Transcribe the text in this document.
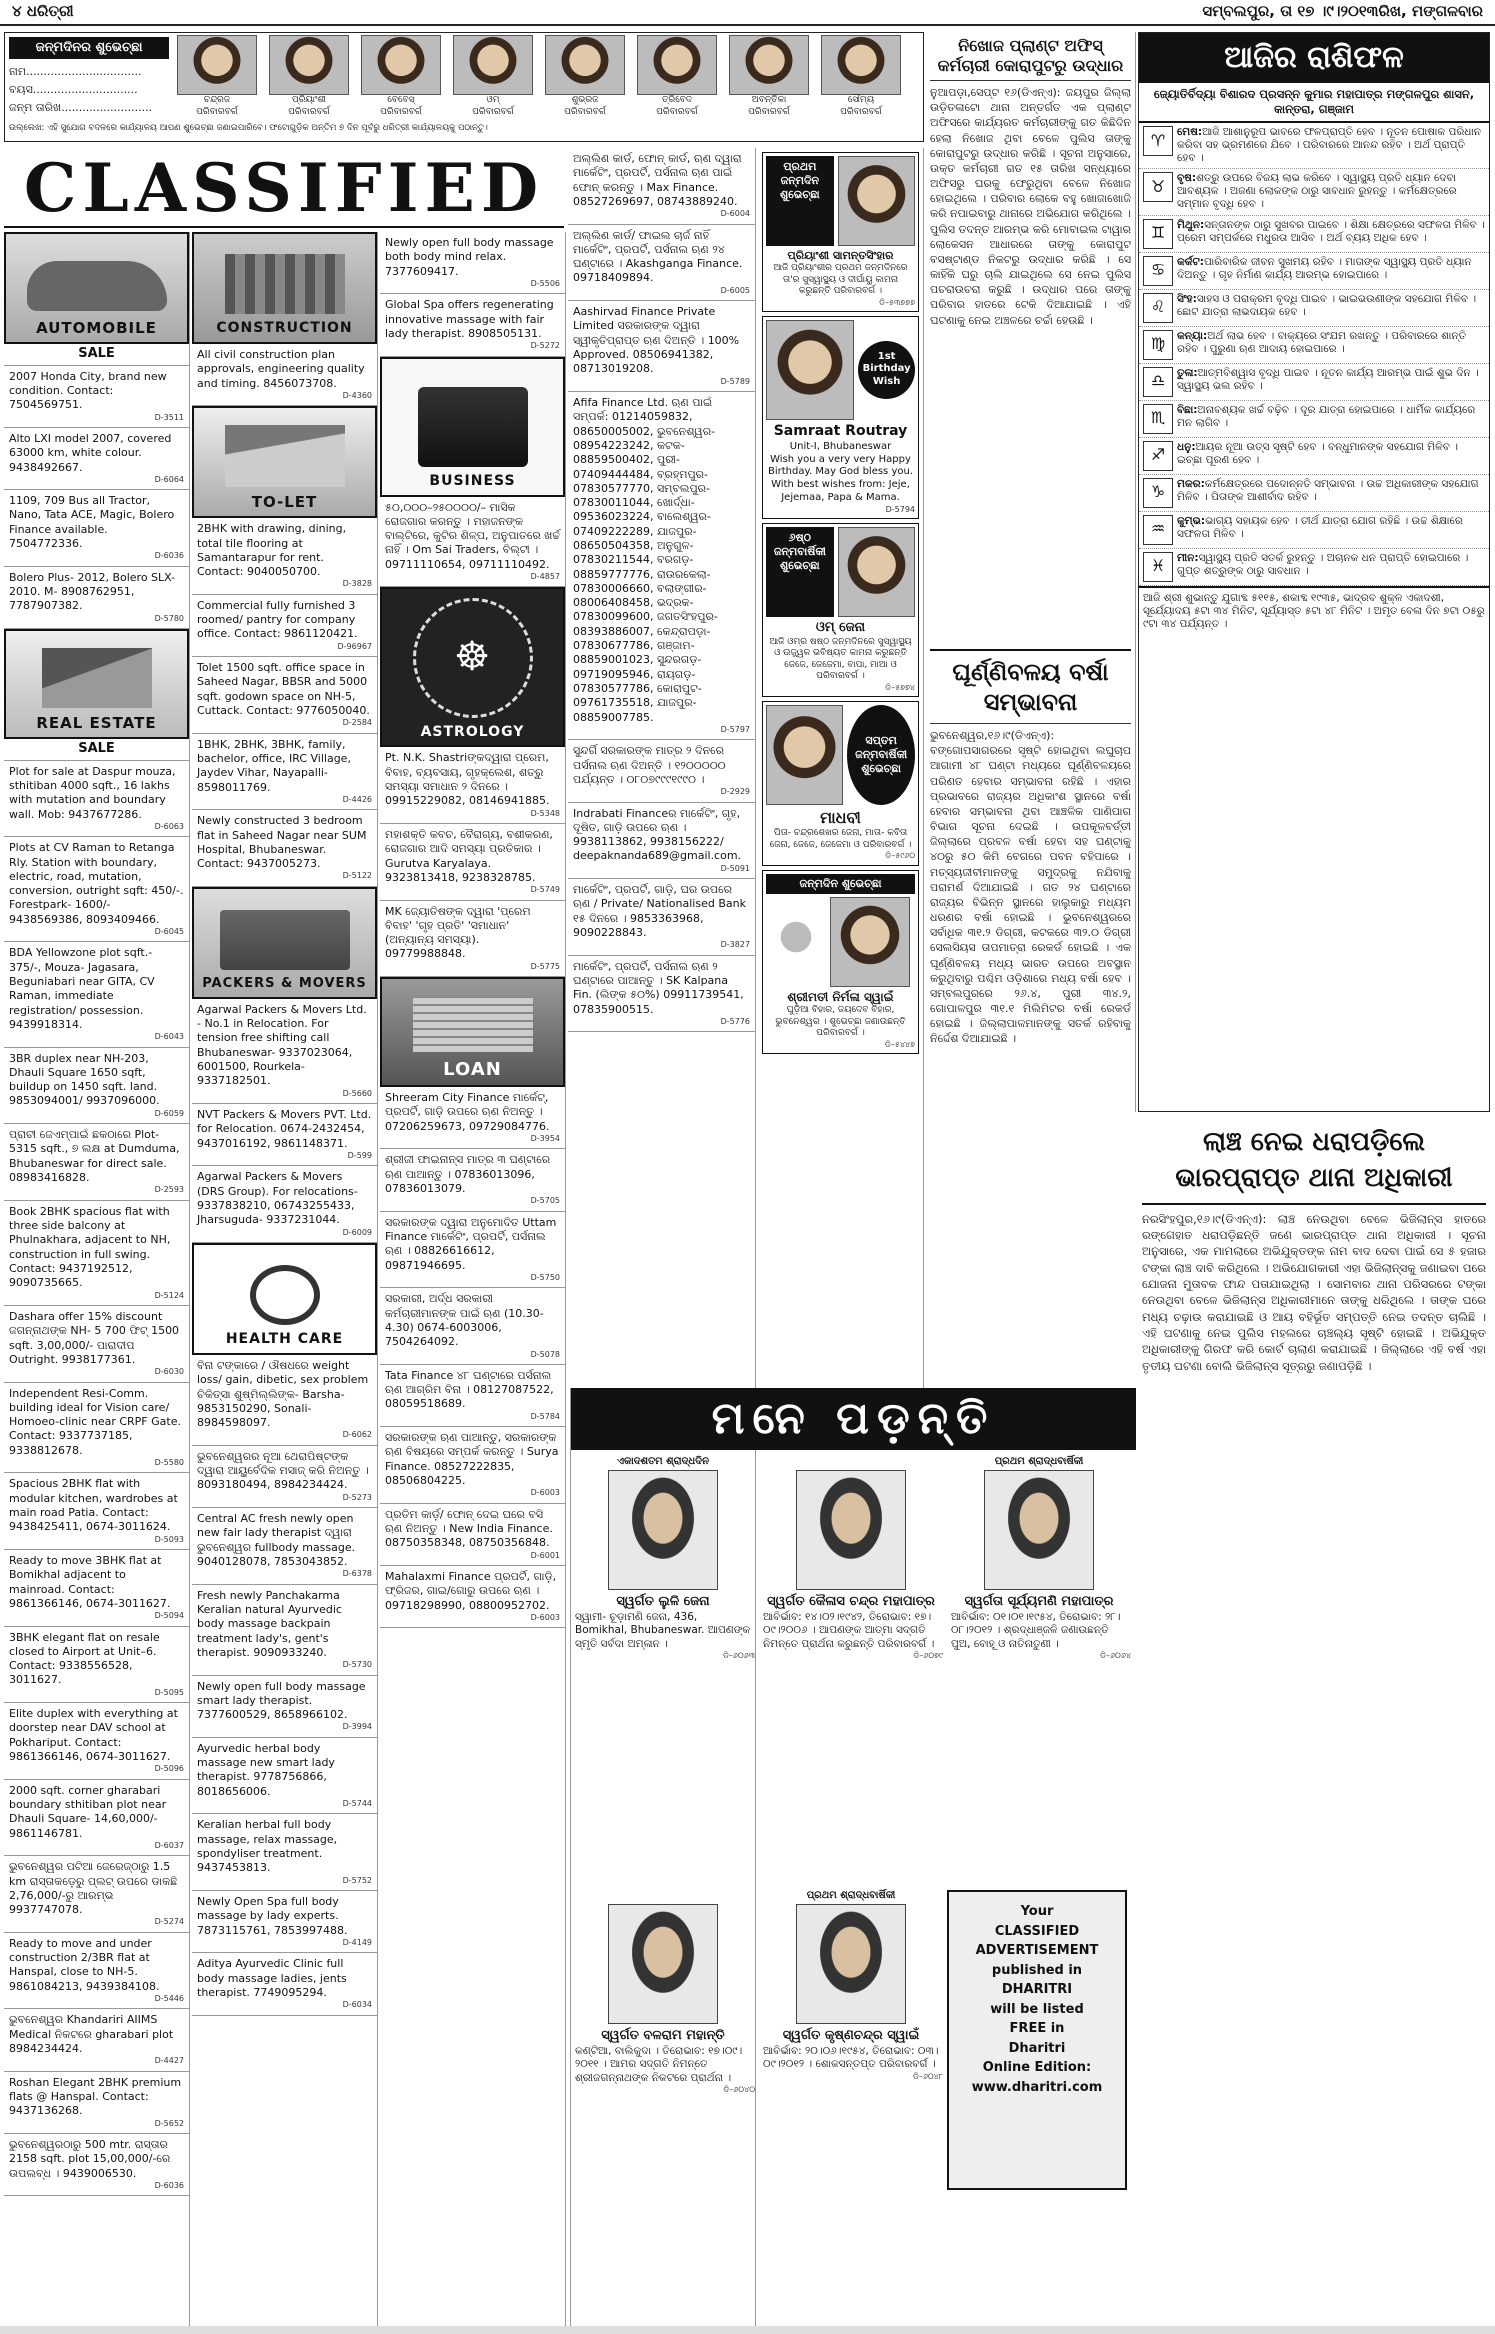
୪ ଧରିତ୍ରୀ	ସମ୍ବଲପୁର, ତା ୧୭ ।୯।୨୦୧୩ରିଖ, ମଙ୍ଗଳବାର
ଜନ୍ମଦିନର ଶୁଭେଚ୍ଛା
ନାମ.................................
ବୟସ..............................
ଜନ୍ମ ତାରିଖ..........................
ଚନ୍ଦ୍ରଜ
ପରିବାରବର୍ଗ
ପ୍ରିୟାଂଶୀ
ପରିବାରବର୍ଗ
ବେବେସ୍
ପରିବାରବର୍ଗ
ଓମ୍
ପରିବାରବର୍ଗ
ଶୁଭ୍ରଜ
ପରିବାରବର୍ଗ
ତ୍ରିବେଦ
ପରିବାରବର୍ଗ
ଅବନ୍ତିକା
ପରିବାରବର୍ଗ
ସୌମ୍ୟ
ପରିବାରବର୍ଗ
ଉଲ୍ଲେଖ: ଏହି ସୁଯୋଗ ବଦଳରେ କାର୍ଯ୍ୟାଳୟ ଆପଣ ଶୁଭେଚ୍ଛା ଜଣାଇପାରିବେ। ଫଟୋଗୁଡ଼ିକ ଅନ୍ତିମ ୭ ଦିନ ପୂର୍ବରୁ ଧରିତ୍ରୀ କାର୍ଯ୍ୟାଳୟକୁ ପଠାନ୍ତୁ।
CLASSIFIED
AUTOMOBILE
SALE
2007 Honda City, brand new condition. Contact: 7504569751.
D-3511
Alto LXI model 2007, covered 63000 km, white colour. 9438492667.
D-6064
1109, 709 Bus all Tractor, Nano, Tata ACE, Magic, Bolero Finance available. 7504772336.
D-6036
Bolero Plus- 2012, Bolero SLX- 2010. M- 8908762951, 7787907382.
D-5780
REAL ESTATE
SALE
Plot for sale at Daspur mouza, sthitiban 4000 sqft., 16 lakhs with mutation and boundary wall. Mob: 9437677286.
D-6063
Plots at CV Raman to Retanga Rly. Station with boundary, electric, road, mutation, conversion, outright sqft: 450/-. Forestpark- 1600/- 9438569386, 8093409466.
D-6045
BDA Yellowzone plot sqft.- 375/-, Mouza- Jagasara, Beguniabari near GITA, CV Raman, immediate registration/ possession. 9439918314.
D-6043
3BR duplex near NH-203, Dhauli Square 1650 sqft, buildup on 1450 sqft. land. 9853094001/ 9937096000.
D-6059
ପ୍ରାଚୀ ଜେଏମ୍ପାଇଁ ଛକଠାରେ Plot- 5315 sqft., ୭ ଲକ୍ଷ at Dumduma, Bhubaneswar for direct sale. 08983416828.
D-2593
Book 2BHK spacious flat with three side balcony at Phulnakhara, adjacent to NH, construction in full swing. Contact: 9437192512, 9090735665.
D-5124
Dashara offer 15% discount ଜଗନ୍ନାଥଙ୍କ NH- 5 700 ଫିଟ୍ 1500 sqft. 3,00,000/- ପାରାଦୀପ Outright. 9938177361.
D-6030
Independent Resi-Comm. building ideal for Vision care/ Homoeo-clinic near CRPF Gate. Contact: 9337737185, 9338812678.
D-5580
Spacious 2BHK flat with modular kitchen, wardrobes at main road Patia. Contact: 9438425411, 0674-3011624.
D-5093
Ready to move 3BHK flat at Bomikhal adjacent to mainroad. Contact: 9861366146, 0674-3011627.
D-5094
3BHK elegant flat on resale closed to Airport at Unit–6. Contact: 9338556528, 3011627.
D-5095
Elite duplex with everything at doorstep near DAV school at Pokhariput. Contact: 9861366146, 0674-3011627.
D-5096
2000 sqft. corner gharabari boundary sthitiban plot near Dhauli Square- 14,60,000/- 9861146781.
D-6037
ଭୁବନେଶ୍ୱର ପଟିଆ ଜେରେଜ୍ଠାରୁ 1.5 km ରାସ୍ତାକଡ଼େରୁ ପ୍ଲଟ୍ ଉପରେ ଡାକଛି 2,76,000/-ରୁ ଆରମ୍ଭ 9937747078.
D-5274
Ready to move and under construction 2/3BR flat at Hanspal, close to NH-5. 9861084213, 9439384108.
D-5446
ଭୁବନେଶ୍ୱର Khandariri AIIMS Medical ନିକଟରେ gharabari plot 8984234424.
D-4427
Roshan Elegant 2BHK premium flats @ Hanspal. Contact: 9437136268.
D-5652
ଭୁବନେଶ୍ୱରଠାରୁ 500 mtr. ରାସ୍ତାର 2158 sqft. plot 15,00,000/-ରେ ଉପଲବ୍ଧ । 9439006530.
D-6036
CONSTRUCTION
All civil construction plan approvals, engineering quality and timing. 8456073708.
D-4360
TO-LET
2BHK with drawing, dining, total tile flooring at Samantarapur for rent. Contact: 9040050700.
D-3828
Commercial fully furnished 3 roomed/ pantry for company office. Contact: 9861120421.
D-96967
Tolet 1500 sqft. office space in Saheed Nagar, BBSR and 5000 sqft. godown space on NH-5, Cuttack. Contact: 9776050040.
D-2584
1BHK, 2BHK, 3BHK, family, bachelor, office, IRC Village, Jaydev Vihar, Nayapalli- 8598011769.
D-4426
Newly constructed 3 bedroom flat in Saheed Nagar near SUM Hospital, Bhubaneswar. Contact: 9437005273.
D-5122
PACKERS & MOVERS
Agarwal Packers & Movers Ltd. - No.1 in Relocation. For tension free shifting call Bhubaneswar- 9337023064, 6001500, Rourkela-9337182501.
D-5660
NVT Packers & Movers PVT. Ltd. for Relocation. 0674-2432454, 9437016192, 9861148371.
D-599
Agarwal Packers & Movers (DRS Group). For relocations- 9337838210, 06743255433, Jharsuguda- 9337231044.
D-6009
HEALTH CARE
ବିନା ଟଙ୍କାରେ / ଔଷଧରେ weight loss/ gain, dibetic, sex problem ଚିକିତ୍ସା ଶୁଷ୍ମିଲ୍ଲିଙ୍କ- Barsha- 9853150290, Sonali- 8984598097.
D-6062
ଭୁବନେଶ୍ୱରର ନୂଆ ଥେରାପିଷ୍ଟଙ୍କ ଦ୍ୱାରା ଆୟୁର୍ବେଦିକ ମସାଜ୍ କରି ନିଅନ୍ତୁ । 8093180494, 8984234424.
D-5273
Central AC fresh newly open new fair lady therapist ଦ୍ୱାରା ଭୁବନେଶ୍ୱର fullbody massage. 9040128078, 7853043852.
D-6378
Fresh newly Panchakarma Keralian natural Ayurvedic body massage backpain treatment lady's, gent's therapist. 9090933240.
D-5730
Newly open full body massage smart lady therapist. 7377600529, 8658966102.
D-3994
Ayurvedic herbal body massage new smart lady therapist. 9778756866, 8018656006.
D-5744
Keralian herbal full body massage, relax massage, spondyliser treatment. 9437453813.
D-5752
Newly Open Spa full body massage by lady experts. 7873115761, 7853997488.
D-4149
Aditya Ayurvedic Clinic full body massage ladies, jents therapist. 7749095294.
D-6034
Newly open full body massage both body mind relax. 7377609417.
D-5506
Global Spa offers regenerating innovative massage with fair lady therapist. 8908505131.
D-5272
BUSINESS
୫୦,୦୦୦–୨୫୦୦୦୦/– ମାସିକ ରୋଜଗାର କରନ୍ତୁ । ମହାଜନଙ୍କ ବାଲ୍ଟିରେ, କୁଟିର ଶିଳ୍ପ, ଅନୁପାତରେ ଖର୍ଚ୍ଚ ନାହିଁ । Om Sai Traders, ବିଲ୍ଟୀ । 09711110654, 09711110492.
D-4857
☸
ASTROLOGY
Pt. N.K. Shastriଙ୍କଦ୍ୱାରା ପ୍ରେମ, ବିବାହ, ବ୍ୟବସାୟ, ଗୃହକ୍ଲେଶ, ଶତ୍ରୁ ସମସ୍ୟା ସମାଧାନ ୨ ଦିନରେ । 09915229082, 08146941885.
D-5348
ମହାଶକ୍ତି କବଚ, ବୈରାଗ୍ୟ, ବଶୀକରଣ, ରୋଜଗାର ଆଦି ସମସ୍ୟା ପ୍ରତିକାର । Gurutva Karyalaya. 9323813418, 9238328785.
D-5749
MK ଜ୍ୟୋତିଷଙ୍କ ଦ୍ୱାରା 'ପ୍ରେମ ବିବାହ' 'ଗୃହ ପ୍ରତି' 'ସମାଧାନ' (ଅନ୍ୟାନ୍ୟ ସମସ୍ୟା). 09779988848.
D-5775
LOAN
Shreeram City Finance ମାର୍କେଟ୍, ପ୍ରପର୍ଟି, ଗାଡ଼ି ଉପରେ ଋଣ ନିଅନ୍ତୁ । 07206259673, 09729084776.
D-3954
ଶ୍ରୀଜୀ ଫାଇନାନ୍ସ ମାତ୍ର ୩ ଘଣ୍ଟାରେ ଋଣ ପାଆନ୍ତୁ । 07836013096, 07836013079.
D-5705
ସରକାରଙ୍କ ଦ୍ୱାରା ଅନୁମୋଦିତ Uttam Finance ମାର୍କେଟିଂ, ପ୍ରପର୍ଟି, ପର୍ସନାଲ ଋଣ । 08826616612, 09871946695.
D-5750
ସରକାରୀ, ଅର୍ଦ୍ଧ ସରକାରୀ କର୍ମଚାରୀମାନଙ୍କ ପାଇଁ ଋଣ (10.30-4.30) 0674-6003006, 7504264092.
D-5078
Tata Finance ୪୮ ଘଣ୍ଟାରେ ପର୍ସନାଲ ଋଣ ଆଗ୍ରିମ ବିନା । 08127087522, 08059518689.
D-5784
ସରକାରଙ୍କ ଋଣ ପାଆନ୍ତୁ, ସରକାରଙ୍କ ଋଣ ବିଷୟରେ ସମ୍ପର୍କ କରନ୍ତୁ । Surya Finance. 08527222835, 08506804225.
D-6003
ପ୍ରତିମ କାର୍ଡ଼/ ଫୋନ୍ ଦେଇ ଘରେ ବସି ଋଣ ନିଅନ୍ତୁ । New India Finance. 08750358348, 08750356848.
D-6001
Mahalaxmi Finance ପ୍ରପର୍ଟି, ଗାଡ଼ି, ଫ୍ରିଜର, ଗାଇ/ଗୋରୁ ଉପରେ ଋଣ । 09718298990, 08800952702.
D-6003
ଅଲ୍ଲିଣ କାର୍ଡ, ଫୋନ୍ କାର୍ଡ, ଋଣ ଦ୍ୱାରା ମାର୍କେଟିଂ, ପ୍ରପର୍ଟି, ପର୍ସନାଲ ଋଣ ପାଇଁ ଫୋନ୍ କରନ୍ତୁ । Max Finance. 08527269697, 08743889240.
D-6004
ଅଲ୍ଲିଣ କାର୍ଡ/ ଫାଇଲ ଚାର୍ଜ ନାହିଁ ମାର୍କେଟିଂ, ପ୍ରପର୍ଟି, ପର୍ସନାଲ ଋଣ ୨୪ ଘଣ୍ଟାରେ । Akashganga Finance. 09718409894.
D-6005
Aashirvad Finance Private Limited ସରକାରଙ୍କ ଦ୍ୱାରା ସ୍ୱୀକୃତିପ୍ରାପ୍ତ ଋଣ ଦିଅନ୍ତି । 100% Approved. 08506941382, 08713019208.
D-5789
Afifa Finance Ltd. ଋଣ ପାଇଁ ସମ୍ପର୍କ: 01214059832, 08650005002, ଭୁବନେଶ୍ୱର- 08954223242, କଟକ- 08859500402, ପୁରୀ- 07409444484, ବ୍ରହ୍ମପୁର- 07830577770, ସମ୍ବଲପୁର- 07830011044, ଖୋର୍ଦ୍ଧା- 09536023224, ବାଲେଶ୍ୱର- 07409222289, ଯାଜପୁର- 08650504358, ଅନୁଗୁଳ- 07830211544, ବରଗଡ଼- 08859777776, ରାଉରକେଲା- 07830006660, ବଲାଙ୍ଗୀର- 08006408458, ଭଦ୍ରକ- 07830099600, ଜଗତସିଂହପୁର- 08393886007, କେନ୍ଦ୍ରାପଡ଼ା- 07830677786, ଗଞ୍ଜାମ- 08859001023, ସୁନ୍ଦରଗଡ଼- 09719095946, ରାୟଗଡ଼- 07830577786, କୋରାପୁଟ- 09761735518, ଯାଜପୁର- 08859007785.
D-5797
ସୁନ୍ଦର୍ଗି ସରକାରଙ୍କ ମାତ୍ର ୨ ଦିନରେ ପର୍ସନାଲ ଋଣ ଦିଅନ୍ତି । ୧୨୦୦୦୦୦ ପର୍ଯ୍ୟନ୍ତ । ୦୮୦୭୯୯୯୧୯୯୦ ।
D-2929
Indrabati Financeର ମାର୍କେଟିଂ, ଗୃହ, ଦୂଷିତ, ଗାଡ଼ି ଉପରେ ଋଣ । 9938113862, 9938156222/ deepaknanda689@gmail.com.
D-5091
ମାର୍କେଟିଂ, ପ୍ରପର୍ଟି, ଗାଡ଼ି, ଘର ଉପରେ ଋଣ / Private/ Nationalised Bank ୧୫ ଦିନରେ । 9853363968, 9090228843.
D-3827
ମାର୍କେଟିଂ, ପ୍ରପର୍ଟି, ପର୍ସନାଲ ଋଣ ୨ ଘଣ୍ଟାରେ ପାଆନ୍ତୁ । SK Kalpana Fin. (ଲିଙ୍କ ୫୦%) 09911739541, 07835900515.
D-5776
ପ୍ରଥମ ଜନ୍ମଦିନ ଶୁଭେଚ୍ଛା
ପ୍ରିୟାଂଶୀ ସାମନ୍ତସିଂହାର
ଆଜି ପ୍ରିୟାଂଶୀର ପ୍ରଥମ ଜନ୍ମଦିନରେ ତା'ର ସୁସ୍ୱାସ୍ଥ୍ୟ ଓ ଦୀର୍ଘାୟୁ କାମନା କରୁଛନ୍ତି ପରିବାରବର୍ଗ ।
ଡି–୫୩୭୭୭
1st Birthday Wish
Samraat Routray
Unit-I, Bhubaneswar
Wish you a very very Happy Birthday. May God bless you. With best wishes from: Jeje, Jejemaa, Papa & Mama.
D-5794
୬ଷ୍ଠ ଜନ୍ମବାର୍ଷିକୀ ଶୁଭେଚ୍ଛା
ଓମ୍ ଜେନା
ଆଜି ଓମ୍ର ଷଷ୍ଠ ଜନ୍ମଦିନରେ ସୁସ୍ୱାସ୍ଥ୍ୟ ଓ ଉଜ୍ଜ୍ୱଳ ଭବିଷ୍ୟତ କାମନା କରୁଛନ୍ତି ଜେଜେ, ଜେଜେମା, ବାପା, ମାଆ ଓ ପରିବାରବର୍ଗ ।
ଡି–୫୭୭୪
ସପ୍ତମ ଜନ୍ମବାର୍ଷିକୀ ଶୁଭେଚ୍ଛା
ମାଧବୀ
ପିତା- ଚନ୍ଦ୍ରଶେଖର ଜେନା, ମାତା- କବିତା ଜେନା, ଜେଜେ, ଜେଜେମା ଓ ପରିବାରବର୍ଗ ।
ଡି–୫୯୬୦
ଜନ୍ମଦିନ ଶୁଭେଚ୍ଛା
ଶ୍ରୀମତୀ ନିର୍ମଳା ସ୍ୱାଇଁ
ଘୁଡ଼ିଆ ବିହାର, ଜୟଦେବ ବିହାର, ଭୁବନେଶ୍ୱର । ଶୁଭେଚ୍ଛା ଜଣାଉଛନ୍ତି ପରିବାରବର୍ଗ ।
ଡି–୫୪୪୭
ନିଖୋଜ ପ୍ଲାଣ୍ଟ ଅଫିସ୍ କର୍ମଚାରୀ କୋରାପୁଟରୁ ଉଦ୍ଧାର
ନୁଆପଡ଼ା,ସେପ୍ଟ ୧୬(ଡିଏନ୍ଏ): ଜୟପୁର ଜିଲ୍ଲା ଉଡ଼ିତଳାଟୋ ଥାନା ଅନ୍ତର୍ଗତ ଏକ ପ୍ଲାଣ୍ଟ ଅଫିସରେ କାର୍ଯ୍ୟରତ କର୍ମଚାରୀଙ୍କୁ ଗତ କିଛିଦିନ ହେଲା ନିଖୋଜ ଥିବା ବେଳେ ପୁଲିସ ତାଙ୍କୁ କୋରାପୁଟରୁ ଉଦ୍ଧାର କରିଛି । ସୂଚନା ଅନୁସାରେ, ଉକ୍ତ କର୍ମଚାରୀ ଗତ ୧୫ ତାରିଖ ସନ୍ଧ୍ୟାରେ ଅଫିସରୁ ଘରକୁ ଫେରୁଥିବା ବେଳେ ନିଖୋଜ ହୋଇଥିଲେ । ପରିବାର ଲୋକେ ବହୁ ଖୋଜାଖୋଜି କରି ନପାଇବାରୁ ଥାନାରେ ଅଭିଯୋଗ କରିଥିଲେ । ପୁଲିସ ତଦନ୍ତ ଆରମ୍ଭ କରି ମୋବାଇଲ ଟାୱାର ଲୋକେସନ ଆଧାରରେ ତାଙ୍କୁ କୋରାପୁଟ ବସଷ୍ଟାଣ୍ଡ ନିକଟରୁ ଉଦ୍ଧାର କରିଛି । ସେ କାହିଁକି ଘରୁ ଚାଲି ଯାଇଥିଲେ ସେ ନେଇ ପୁଲିସ ପଚରାଉଚରା କରୁଛି । ଉଦ୍ଧାର ପରେ ତାଙ୍କୁ ପରିବାର ହାତରେ ଟେକି ଦିଆଯାଇଛି । ଏହି ଘଟଣାକୁ ନେଇ ଅଞ୍ଚଳରେ ଚର୍ଚ୍ଚା ହେଉଛି ।
ଘୂର୍ଣ୍ଣିବଳୟ ବର୍ଷା ସମ୍ଭାବନା
ଭୁବନେଶ୍ୱର,୧୬।୯(ଡିଏନ୍ଏ): ବଙ୍ଗୋପସାଗରରେ ସୃଷ୍ଟି ହୋଇଥିବା ଲଘୁଚାପ ଆଗାମୀ ୪୮ ଘଣ୍ଟା ମଧ୍ୟରେ ଘୂର୍ଣ୍ଣିବଳୟରେ ପରିଣତ ହେବାର ସମ୍ଭାବନା ରହିଛି । ଏହାର ପ୍ରଭାବରେ ରାଜ୍ୟର ଅଧିକାଂଶ ସ୍ଥାନରେ ବର୍ଷା ହେବାର ସମ୍ଭାବନା ଥିବା ଆଞ୍ଚଳିକ ପାଣିପାଗ ବିଭାଗ ସୂଚନା ଦେଇଛି । ଉପକୂଳବର୍ତ୍ତୀ ଜିଲ୍ଲାରେ ପ୍ରବଳ ବର୍ଷା ହେବା ସହ ଘଣ୍ଟାକୁ ୪୦ରୁ ୫୦ କିମି ବେଗରେ ପବନ ବହିପାରେ । ମତ୍ସ୍ୟଜୀବୀମାନଙ୍କୁ ସମୁଦ୍ରକୁ ନଯିବାକୁ ପରାମର୍ଶ ଦିଆଯାଇଛି । ଗତ ୨୪ ଘଣ୍ଟାରେ ରାଜ୍ୟର ବିଭିନ୍ନ ସ୍ଥାନରେ ହାଲୁକାରୁ ମଧ୍ୟମ ଧରଣର ବର୍ଷା ହୋଇଛି । ଭୁବନେଶ୍ୱରରେ ସର୍ବାଧିକ ୩୧.୨ ଡିଗ୍ରୀ, କଟକରେ ୩୨.୦ ଡିଗ୍ରୀ ସେଲସିୟସ ତାପମାତ୍ରା ରେକର୍ଡ ହୋଇଛି । ଏକ ଘୂର୍ଣ୍ଣିବଳୟ ମଧ୍ୟ ଭାରତ ଉପରେ ଅବସ୍ଥାନ କରୁଥିବାରୁ ପଶ୍ଚିମ ଓଡ଼ିଶାରେ ମଧ୍ୟ ବର୍ଷା ହେବ । ସମ୍ବଲପୁରରେ ୨୬.୪, ପୁରୀ ୩୪.୨, ଗୋପାଳପୁର ୩୧.୧ ମିଲିମିଟର ବର୍ଷା ରେକର୍ଡ ହୋଇଛି । ଜିଲ୍ଲାପାଳମାନଙ୍କୁ ସତର୍କ ରହିବାକୁ ନିର୍ଦ୍ଦେଶ ଦିଆଯାଇଛି ।
ଆଜିର ରାଶିଫଳ
ଜ୍ୟୋତିର୍ବିଦ୍ୟା ବିଶାରଦ ପ୍ରସନ୍ନ କୁମାର ମହାପାତ୍ର ମଙ୍ଗଳପୁର ଶାସନ, କାନ୍ତରା, ଗଞ୍ଜାମ
♈	ମେଷ:ଆଜି ଆଶାନୁରୂପ ଭାବରେ ଫଳପ୍ରାପ୍ତି ହେବ । ନୂତନ ପୋଷାକ ପରିଧାନ କରିବା ସହ ଭ୍ରମଣରେ ଯିବେ । ପରିବାରରେ ଆନନ୍ଦ ରହିବ । ଅର୍ଥ ପ୍ରାପ୍ତି ହେବ ।
♉	ବୃଷ:ଶତ୍ରୁ ଉପରେ ବିଜୟ ଲାଭ କରିବେ । ସ୍ୱାସ୍ଥ୍ୟ ପ୍ରତି ଧ୍ୟାନ ଦେବା ଆବଶ୍ୟକ । ଅଜଣା ଲୋକଙ୍କ ଠାରୁ ସାବଧାନ ରୁହନ୍ତୁ । କର୍ମକ୍ଷେତ୍ରରେ ସମ୍ମାନ ବୃଦ୍ଧି ହେବ ।
♊	ମିଥୁନ:ସନ୍ତାନଙ୍କ ଠାରୁ ସୁଖବର ପାଇବେ । ଶିକ୍ଷା କ୍ଷେତ୍ରରେ ସଫଳତା ମିଳିବ । ପ୍ରେମ ସମ୍ପର୍କରେ ମଧୁରତା ଆସିବ । ଅର୍ଥ ବ୍ୟୟ ଅଧିକ ହେବ ।
♋	କର୍କଟ:ପାରିବାରିକ ଜୀବନ ସୁଖମୟ ରହିବ । ମାତାଙ୍କ ସ୍ୱାସ୍ଥ୍ୟ ପ୍ରତି ଧ୍ୟାନ ଦିଅନ୍ତୁ । ଗୃହ ନିର୍ମାଣ କାର୍ଯ୍ୟ ଆରମ୍ଭ ହୋଇପାରେ ।
♌	ସିଂହ:ସାହସ ଓ ପରାକ୍ରମ ବୃଦ୍ଧି ପାଇବ । ଭାଇଭଉଣୀଙ୍କ ସହଯୋଗ ମିଳିବ । ଛୋଟ ଯାତ୍ରା ଲାଭଦାୟକ ହେବ ।
♍	କନ୍ୟା:ଅର୍ଥ ଲାଭ ହେବ । ବାକ୍ୟରେ ସଂଯମ ରଖନ୍ତୁ । ପରିବାରରେ ଶାନ୍ତି ରହିବ । ପୁରୁଣା ଋଣ ଆଦାୟ ହୋଇପାରେ ।
♎	ତୁଳା:ଆତ୍ମବିଶ୍ୱାସ ବୃଦ୍ଧି ପାଇବ । ନୂତନ କାର୍ଯ୍ୟ ଆରମ୍ଭ ପାଇଁ ଶୁଭ ଦିନ । ସ୍ୱାସ୍ଥ୍ୟ ଭଲ ରହିବ ।
♏	ବିଛା:ଅନାବଶ୍ୟକ ଖର୍ଚ୍ଚ ବଢ଼ିବ । ଦୂର ଯାତ୍ରା ହୋଇପାରେ । ଧାର୍ମିକ କାର୍ଯ୍ୟରେ ମନ ଲାଗିବ ।
♐	ଧନୁ:ଆୟର ନୂଆ ଉତ୍ସ ସୃଷ୍ଟି ହେବ । ବନ୍ଧୁମାନଙ୍କ ସହଯୋଗ ମିଳିବ । ଇଚ୍ଛା ପୂରଣ ହେବ ।
♑	ମକର:କର୍ମକ୍ଷେତ୍ରରେ ପଦୋନ୍ନତି ସମ୍ଭାବନା । ଉଚ୍ଚ ଅଧିକାରୀଙ୍କ ସହଯୋଗ ମିଳିବ । ପିତାଙ୍କ ଆଶୀର୍ବାଦ ରହିବ ।
♒	କୁମ୍ଭ:ଭାଗ୍ୟ ସହାୟକ ହେବ । ତୀର୍ଥ ଯାତ୍ରା ଯୋଗ ରହିଛି । ଉଚ୍ଚ ଶିକ୍ଷାରେ ସଫଳତା ମିଳିବ ।
♓	ମୀନ:ସ୍ୱାସ୍ଥ୍ୟ ପ୍ରତି ସତର୍କ ରୁହନ୍ତୁ । ଅଚାନକ ଧନ ପ୍ରାପ୍ତି ହୋଇପାରେ । ଗୁପ୍ତ ଶତ୍ରୁଙ୍କ ଠାରୁ ସାବଧାନ ।
ଆଜି ଶ୍ରୀ ଶୁଭାନ୍ତୁ ଯୁଗାବ୍ଦ ୫୧୧୫, ଶକାବ୍ଦ ୧୯୩୫, ଭାଦ୍ରବ ଶୁକ୍ଳ ଏକାଦଶୀ, ସୂର୍ଯ୍ୟୋଦୟ ୫ଟା ୩୪ ମିନିଟ, ସୂର୍ଯ୍ୟାସ୍ତ ୫ଟା ୪୮ ମିନିଟ । ଅମୃତ ବେଳା ଦିନ ୭ଟା ୦୫ରୁ ୯ଟା ୩୪ ପର୍ଯ୍ୟନ୍ତ ।
ମନେ ପଡ଼ନ୍ତି
ଏକାଦଶତମ ଶ୍ରାଦ୍ଧଦିନ
ସ୍ୱର୍ଗତ ଲୁଳି ଜେନା
ସ୍ୱାମୀ- ଚୂଡ଼ାମଣି ଜେନା, 436, Bomikhal, Bhubaneswar. ଆପଣଙ୍କ ସ୍ମୃତି ସର୍ବଦା ଅମ୍ଳାନ ।
ଡି–୬୦୬୩
ସ୍ୱର୍ଗତ କୈଳାସ ଚନ୍ଦ୍ର ମହାପାତ୍ର
ଆବିର୍ଭାବ: ୧୪।୦୨।୧୯୪୨, ତିରୋଭାବ: ୧୭।୦୯।୨୦୦୬ । ଆପଣଙ୍କ ଆତ୍ମା ସଦ୍‌ଗତି ନିମନ୍ତେ ପ୍ରାର୍ଥନା କରୁଛନ୍ତି ପରିବାରବର୍ଗ ।
ଡି–୬୦୭୯
ପ୍ରଥମ ଶ୍ରାଦ୍ଧବାର୍ଷିକୀ
ସ୍ୱର୍ଗତା ସୂର୍ଯ୍ୟମଣି ମହାପାତ୍ର
ଆବିର୍ଭାବ: ୦୧।୦୧।୧୯୫୪, ତିରୋଭାବ: ୨୮।୦୮।୨୦୧୨ । ଶ୍ରଦ୍ଧାଞ୍ଜଳି ଜଣାଉଛନ୍ତି ପୁଅ, ବୋହୂ ଓ ନାତିନାତୁଣୀ ।
ଡି–୬୦୬୪
ସ୍ୱର୍ଗତ ବଳରାମ ମହାନ୍ତି
କଣ୍ଟିଆ, ବାଲିକୁଦା । ତିରୋଭାବ: ୧୭।୦୯।୨୦୧୧ । ଆମର ସଦ୍‌ଗତି ନିମନ୍ତେ ଶ୍ରୀଜଗନ୍ନାଥଙ୍କ ନିକଟରେ ପ୍ରାର୍ଥନା ।
ଡି–୬୦୪୦
ପ୍ରଥମ ଶ୍ରାଦ୍ଧବାର୍ଷିକୀ
ସ୍ୱର୍ଗତ କୃଷ୍ଣଚନ୍ଦ୍ର ସ୍ୱାଇଁ
ଆବିର୍ଭାବ: ୨୦।୦୬।୧୯୫୪, ତିରୋଭାବ: ୦୩।୦୯।୨୦୧୨ । ଶୋକସନ୍ତପ୍ତ ପରିବାରବର୍ଗ ।
ଡି–୬୦୪୮
Your
CLASSIFIED
ADVERTISEMENT
published in
DHARITRI
will be listed
FREE in
Dharitri
Online Edition:
www.dharitri.com
ଲାଞ୍ଚ ନେଇ ଧରାପଡ଼ିଲେ ଭାରପ୍ରାପ୍ତ ଥାନା ଅଧିକାରୀ
ନରସିଂହପୁର,୧୬।୯(ଡିଏନ୍ଏ): ଲାଞ୍ଚ ନେଉଥିବା ବେଳେ ଭିଜିଲାନ୍ସ ହାତରେ ରଙ୍ଗେହାତ ଧରାପଡ଼ିଛନ୍ତି ଜଣେ ଭାରପ୍ରାପ୍ତ ଥାନା ଅଧିକାରୀ । ସୂଚନା ଅନୁସାରେ, ଏକ ମାମଲାରେ ଅଭିଯୁକ୍ତଙ୍କ ନାମ ବାଦ ଦେବା ପାଇଁ ସେ ୫ ହଜାର ଟଙ୍କା ଲାଞ୍ଚ ଦାବି କରିଥିଲେ । ଅଭିଯୋଗକାରୀ ଏହା ଭିଜିଲାନ୍ସକୁ ଜଣାଇବା ପରେ ଯୋଜନା ମୁତାବକ ଫାନ୍ଦ ପତାଯାଇଥିଲା । ସୋମବାର ଥାନା ପରିସରରେ ଟଙ୍କା ନେଉଥିବା ବେଳେ ଭିଜିଲାନ୍ସ ଅଧିକାରୀମାନେ ତାଙ୍କୁ ଧରିଥିଲେ । ତାଙ୍କ ଘରେ ମଧ୍ୟ ଚଢ଼ାଉ କରାଯାଇଛି ଓ ଆୟ ବହିର୍ଭୂତ ସମ୍ପତ୍ତି ନେଇ ତଦନ୍ତ ଚାଲିଛି । ଏହି ଘଟଣାକୁ ନେଇ ପୁଲିସ ମହଲରେ ଚାଞ୍ଚଲ୍ୟ ସୃଷ୍ଟି ହୋଇଛି । ଅଭିଯୁକ୍ତ ଅଧିକାରୀଙ୍କୁ ଗିରଫ କରି କୋର୍ଟ ଚାଲାଣ କରାଯାଇଛି । ଜିଲ୍ଲାରେ ଏହି ବର୍ଷ ଏହା ତୃତୀୟ ଘଟଣା ବୋଲି ଭିଜିଲାନ୍ସ ସୂତ୍ରରୁ ଜଣାପଡ଼ିଛି ।
